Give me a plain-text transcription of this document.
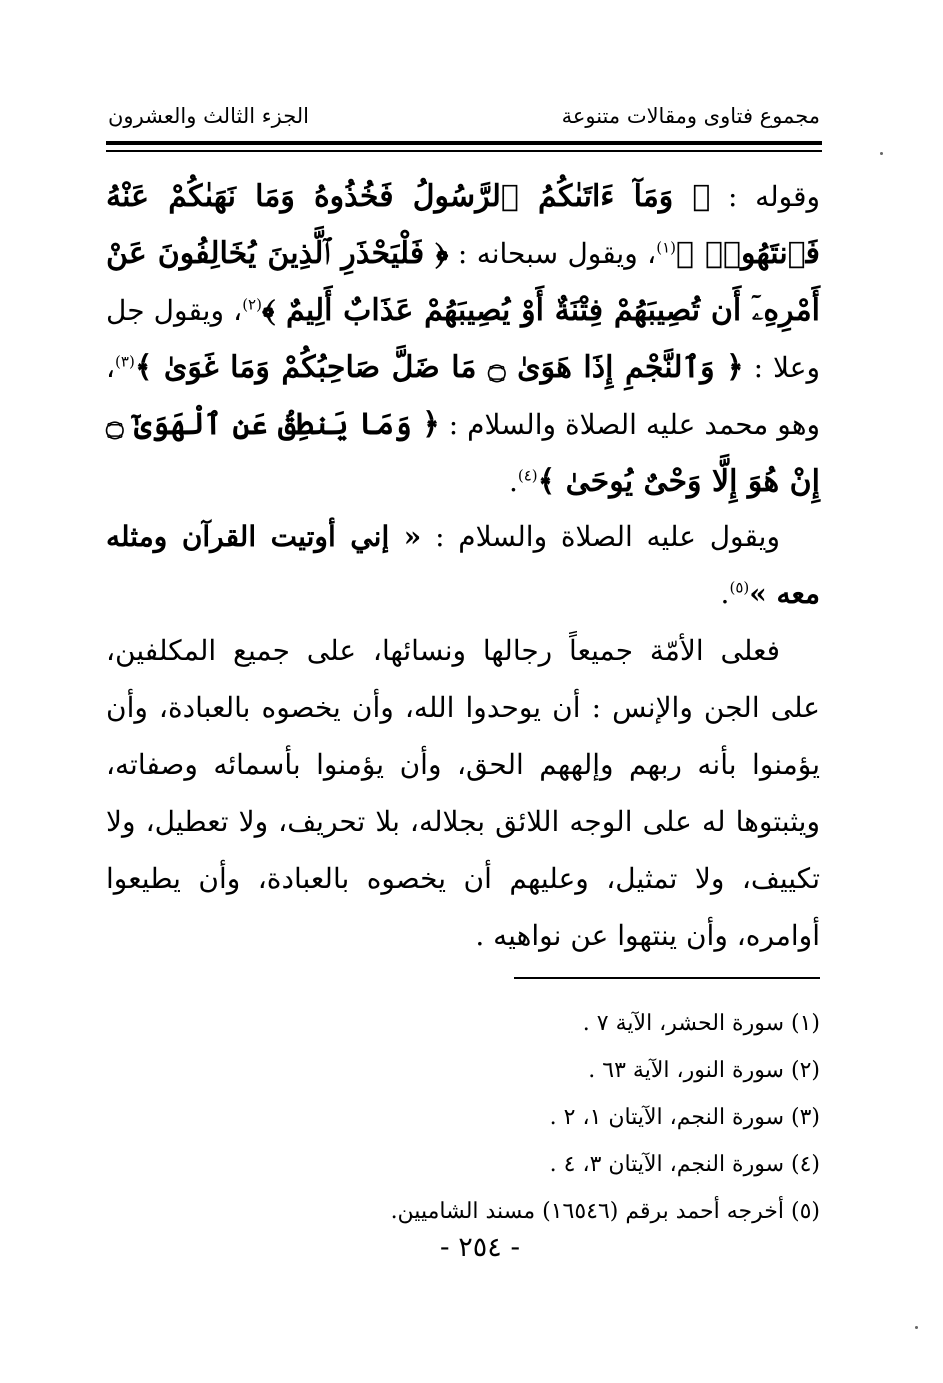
مجموع فتاوى ومقالات متنوعة
الجزء الثالث والعشرون
وقوله : ﴿ وَمَآ ءَاتَىٰكُمُ ٱلرَّسُولُ فَخُذُوهُ وَمَا نَهَىٰكُمْ عَنْهُ فَٱنتَهُوا۟ ﴾$^{(١)}$، ويقول سبحانه : ﴿ فَلْيَحْذَرِ ٱلَّذِينَ يُخَالِفُونَ عَنْ أَمْرِهِۦٓ أَن تُصِيبَهُمْ فِتْنَةٌ أَوْ يُصِيبَهُمْ عَذَابٌ أَلِيمٌ ﴾$^{(٢)}$، ويقول جل وعلا : ﴿ وَٱلنَّجْمِ إِذَا هَوَىٰ ۝ مَا ضَلَّ صَاحِبُكُمْ وَمَا غَوَىٰ ﴾$^{(٣)}$، وهو محمد عليه الصلاة والسلام : ﴿ وَمَا يَنطِقُ عَنِ ٱلْهَوَىٰٓ ۝ إِنْ هُوَ إِلَّا وَحْىٌ يُوحَىٰ ﴾$^{(٤)}$.
ويقول عليه الصلاة والسلام : « إني أوتيت القرآن ومثله معه »$^{(٥)}$.
فعلى الأمّة جميعاً رجالها ونسائها، على جميع المكلفين، على الجن والإنس : أن يوحدوا الله، وأن يخصوه بالعبادة، وأن يؤمنوا بأنه ربهم وإلههم الحق، وأن يؤمنوا بأسمائه وصفاته، ويثبتوها له على الوجه اللائق بجلاله، بلا تحريف، ولا تعطيل، ولا تكييف، ولا تمثيل، وعليهم أن يخصوه بالعبادة، وأن يطيعوا أوامره، وأن ينتهوا عن نواهيه .
(١) سورة الحشر، الآية ٧ .
(٢) سورة النور، الآية ٦٣ .
(٣) سورة النجم، الآيتان ١، ٢ .
(٤) سورة النجم، الآيتان ٣، ٤ .
(٥) أخرجه أحمد برقم (١٦٥٤٦) مسند الشاميين.
- ٢٥٤ -
